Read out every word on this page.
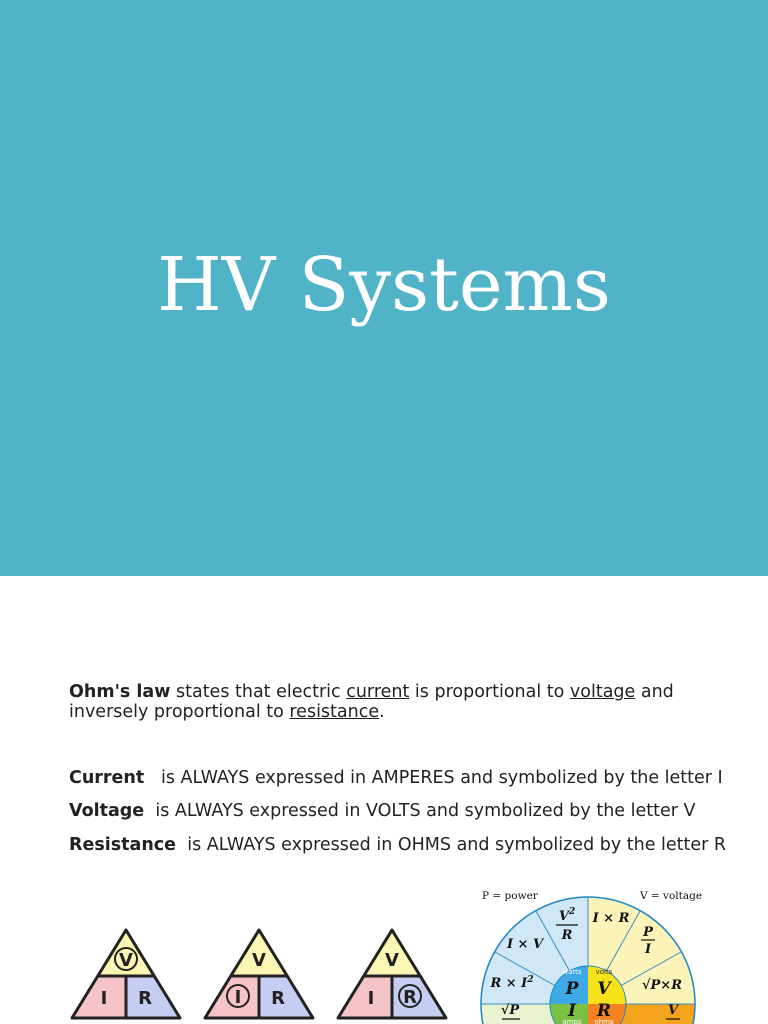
HV Systems
Ohm's law states that electric current is proportional to voltage and inversely proportional to resistance.
Current is ALWAYS expressed in AMPERES and symbolized by the letter I
Voltage is ALWAYS expressed in VOLTS and symbolized by the letter V
Resistance is ALWAYS expressed in OHMS and symbolized by the letter R
V
I R
V
I R
V
I R
P = power	V = voltage
watts
P
volts
V
I
amps
R
ohms
I × V
$V^2$
R
I × R
P
I
$R \times I^2$	√P×R
√P	V
